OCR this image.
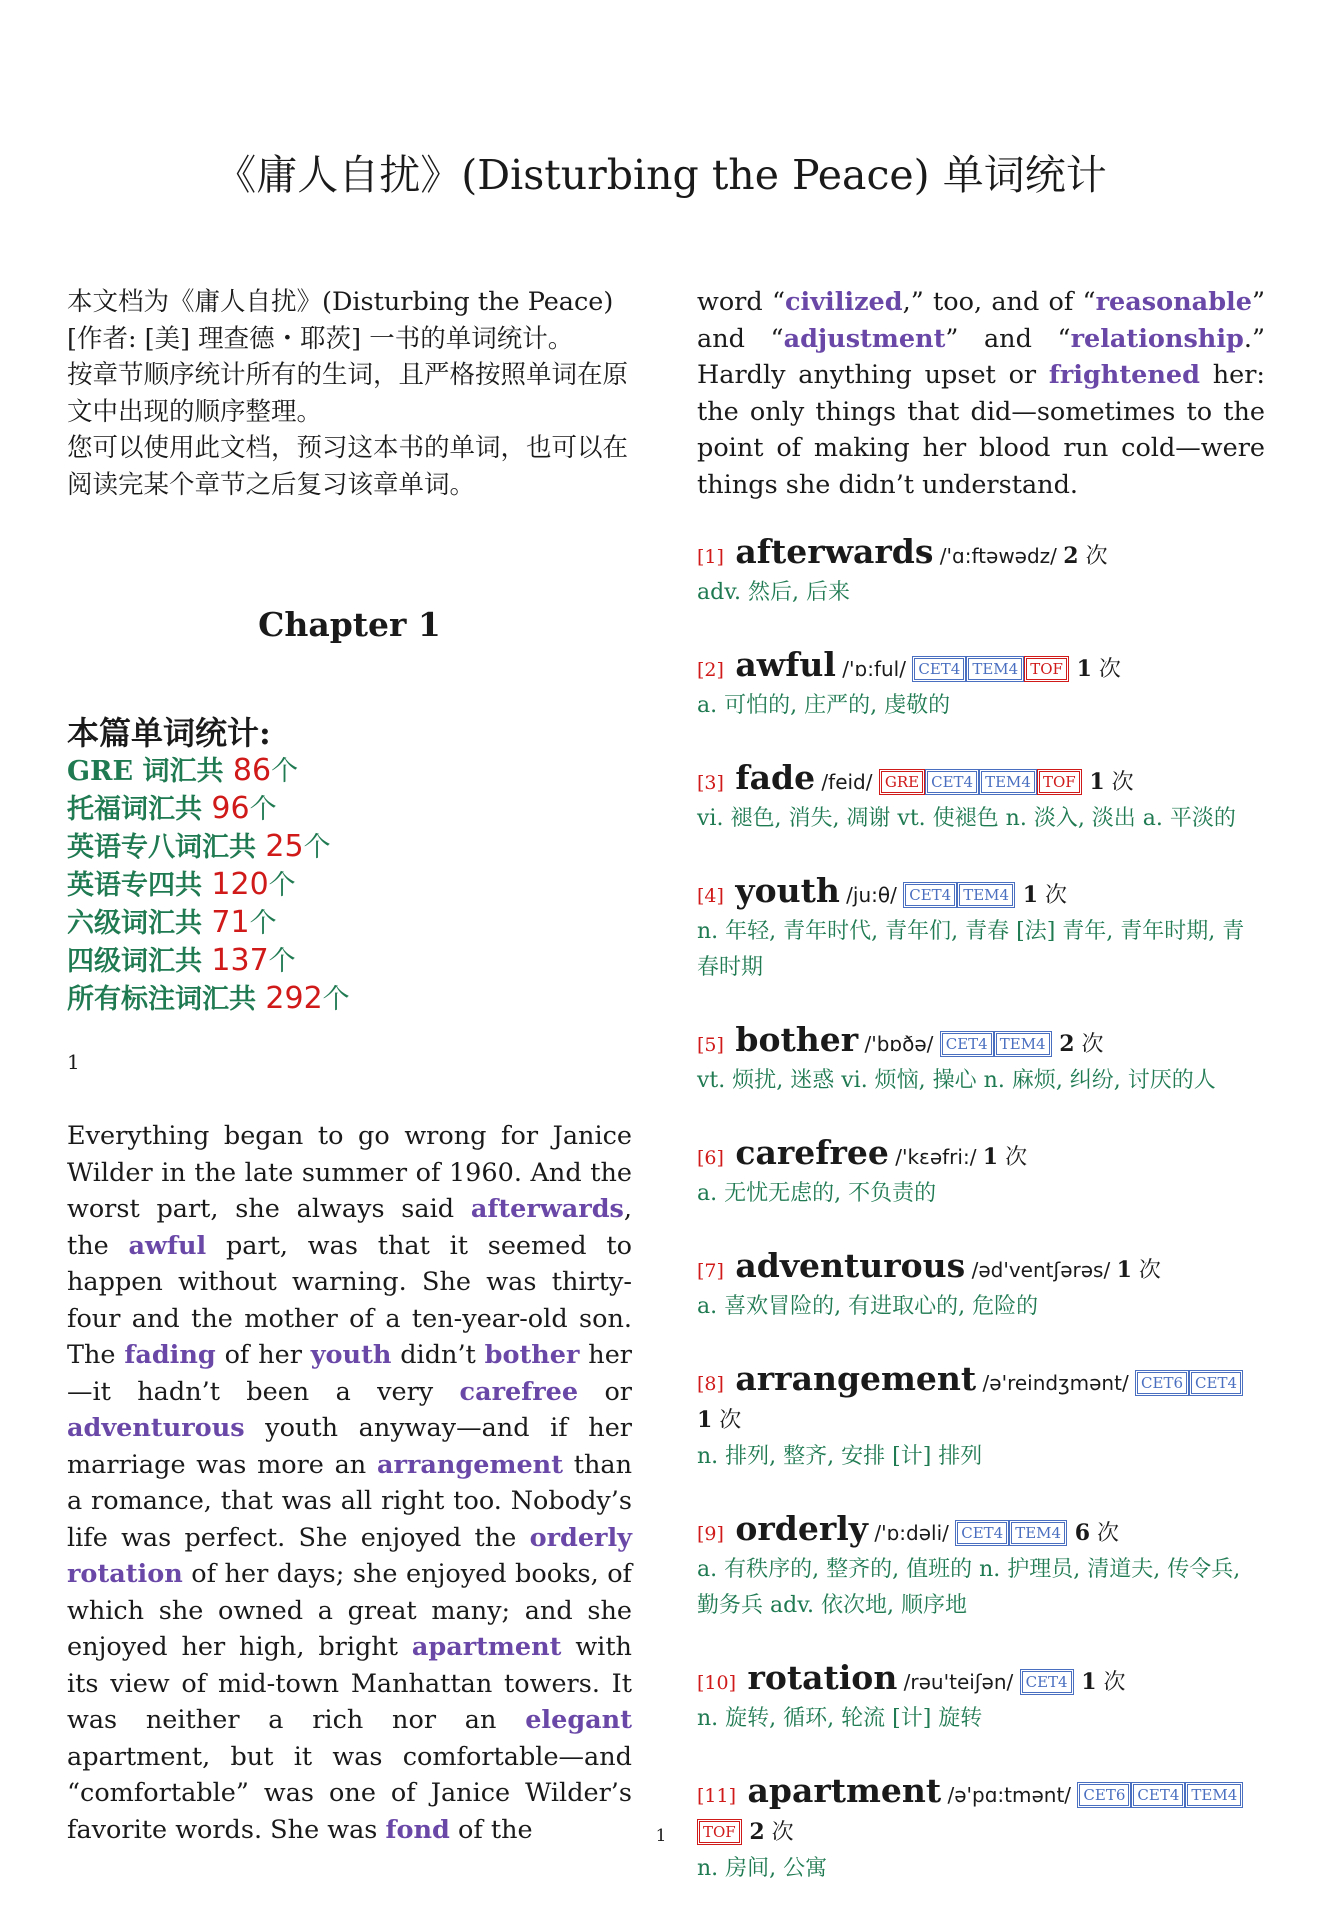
《庸人自扰》(Disturbing the Peace) 单词统计

本文档为《庸人自扰》(Disturbing the Peace)[作者: [美] 理查德・耶茨] 一书的单词统计。

按章节顺序统计所有的生词，且严格按照单词在原文中出现的顺序整理。

您可以使用此文档，预习这本书的单词，也可以在阅读完某个章节之后复习该章单词。

Chapter 1
本篇单词统计:
GRE 词汇共 86个
托福词汇共 96个
英语专八词汇共 25个
英语专四共 120个
六级词汇共 71个
四级词汇共 137个
所有标注词汇共 292个
1
Everything began to go wrong for Janice Wilder in the late summer of 1960. And the worst part, she always said afterwards, the awful part, was that it seemed to happen without warning. She was thirty-four and the mother of a ten-year-old son. The fading of her youth didn’t bother her—it hadn’t been a very carefree or adventurous youth anyway—and if her marriage was more an arrangement than a romance, that was all right too. Nobody’s life was perfect. She enjoyed the orderly rotation of her days; she enjoyed books, of which she owned a great many; and she enjoyed her high, bright apartment with its view of mid-town Manhattan towers. It was neither a rich nor an elegant apartment, but it was comfortable—and “comfortable” was one of Janice Wilder’s favorite words. She was fond of the

word “civilized,” too, and of “reasonable” and “adjustment” and “relationship.” Hardly anything upset or frightened her: the only things that did—sometimes to the point of making her blood run cold—were things she didn’t understand.

[1] afterwards /'ɑ:ftəwədz/ 2 次
adv. 然后, 后来
[2] awful /'ɒ:ful/ CET4 TEM4 TOF 1 次
a. 可怕的, 庄严的, 虔敬的
[3] fade /feid/ GRE CET4 TEM4 TOF 1 次
vi. 褪色, 消失, 凋谢 vt. 使褪色 n. 淡入, 淡出 a. 平淡的
[4] youth /ju:θ/ CET4 TEM4 1 次
n. 年轻, 青年时代, 青年们, 青春 [法] 青年, 青年时期, 青春时期
[5] bother /'bɒðə/ CET4 TEM4 2 次
vt. 烦扰, 迷惑 vi. 烦恼, 操心 n. 麻烦, 纠纷, 讨厌的人
[6] carefree /'kɛəfri:/ 1 次
a. 无忧无虑的, 不负责的
[7] adventurous /əd'ventʃərəs/ 1 次
a. 喜欢冒险的, 有进取心的, 危险的
[8] arrangement /ə'reindʒmənt/ CET6 CET4 1 次
n. 排列, 整齐, 安排 [计] 排列
[9] orderly /'ɒ:dəli/ CET4 TEM4 6 次
a. 有秩序的, 整齐的, 值班的 n. 护理员, 清道夫, 传令兵, 勤务兵 adv. 依次地, 顺序地
[10] rotation /rəu'teiʃən/ CET4 1 次
n. 旋转, 循环, 轮流 [计] 旋转
[11] apartment /ə'pɑ:tmənt/ CET6 CET4 TEM4TOF 2 次
n. 房间, 公寓
1
